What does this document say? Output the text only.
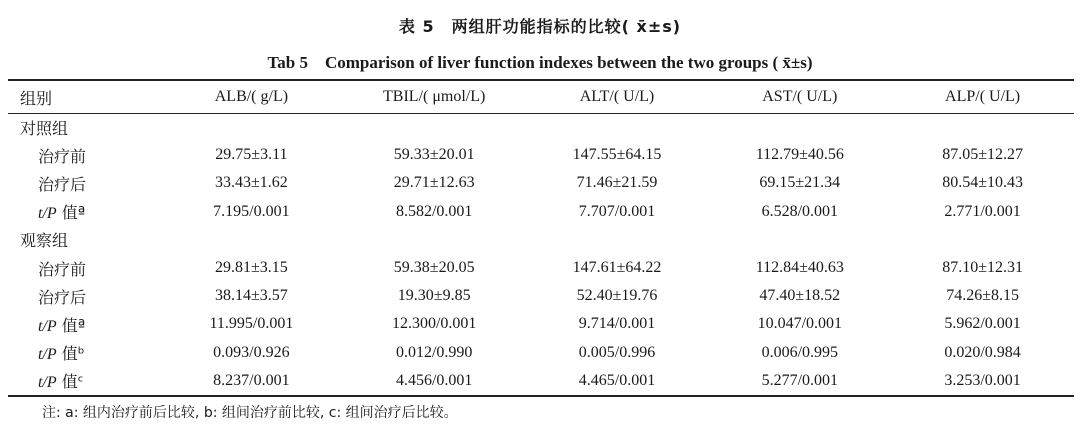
表 5　两组肝功能指标的比较( x̄±s)
Tab 5　Comparison of liver function indexes between the two groups ( x̄±s)
组别	ALB/( g/L)	TBIL/( μmol/L)	ALT/( U/L)	AST/( U/L)	ALP/( U/L)
对照组					
治疗前	29.75±3.11	59.33±20.01	147.55±64.15	112.79±40.56	87.05±12.27
治疗后	33.43±1.62	29.71±12.63	71.46±21.59	69.15±21.34	80.54±10.43
t/P 值ª	7.195/0.001	8.582/0.001	7.707/0.001	6.528/0.001	2.771/0.001
观察组					
治疗前	29.81±3.15	59.38±20.05	147.61±64.22	112.84±40.63	87.10±12.31
治疗后	38.14±3.57	19.30±9.85	52.40±19.76	47.40±18.52	74.26±8.15
t/P 值ª	11.995/0.001	12.300/0.001	9.714/0.001	10.047/0.001	5.962/0.001
t/P 值ᵇ	0.093/0.926	0.012/0.990	0.005/0.996	0.006/0.995	0.020/0.984
t/P 值ᶜ	8.237/0.001	4.456/0.001	4.465/0.001	5.277/0.001	3.253/0.001
注: a: 组内治疗前后比较, b: 组间治疗前比较, c: 组间治疗后比较。
